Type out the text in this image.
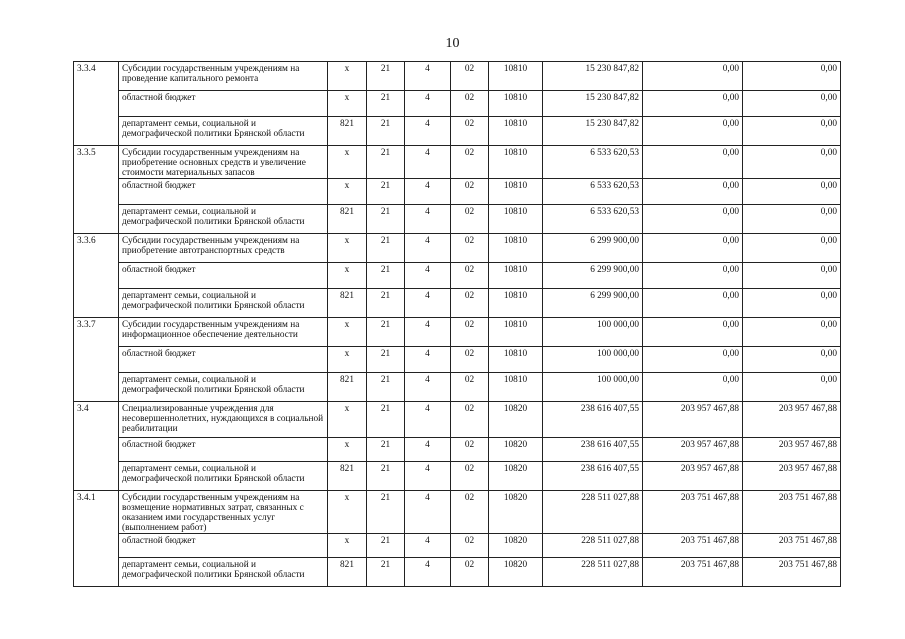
10
3.3.4	Субсидии государственным учреждениям на проведение капитального ремонта	х	21	4	02	10810	15 230 847,82	0,00	0,00
	областной бюджет	х	21	4	02	10810	15 230 847,82	0,00	0,00
	департамент семьи, социальной и демографической политики Брянской области	821	21	4	02	10810	15 230 847,82	0,00	0,00
3.3.5	Субсидии государственным учреждениям на приобретение основных средств и увеличение стоимости материальных запасов	х	21	4	02	10810	6 533 620,53	0,00	0,00
	областной бюджет	х	21	4	02	10810	6 533 620,53	0,00	0,00
	департамент семьи, социальной и демографической политики Брянской области	821	21	4	02	10810	6 533 620,53	0,00	0,00
3.3.6	Субсидии государственным учреждениям на приобретение автотранспортных средств	х	21	4	02	10810	6 299 900,00	0,00	0,00
	областной бюджет	х	21	4	02	10810	6 299 900,00	0,00	0,00
	департамент семьи, социальной и демографической политики Брянской области	821	21	4	02	10810	6 299 900,00	0,00	0,00
3.3.7	Субсидии государственным учреждениям на информационное обеспечение деятельности	х	21	4	02	10810	100 000,00	0,00	0,00
	областной бюджет	х	21	4	02	10810	100 000,00	0,00	0,00
	департамент семьи, социальной и демографической политики Брянской области	821	21	4	02	10810	100 000,00	0,00	0,00
3.4	Специализированные учреждения для несовершеннолетних, нуждающихся в социальной реабилитации	х	21	4	02	10820	238 616 407,55	203 957 467,88	203 957 467,88
	областной бюджет	х	21	4	02	10820	238 616 407,55	203 957 467,88	203 957 467,88
	департамент семьи, социальной и демографической политики Брянской области	821	21	4	02	10820	238 616 407,55	203 957 467,88	203 957 467,88
3.4.1	Субсидии государственным учреждениям на возмещение нормативных затрат, связанных с оказанием ими государственных услуг (выполнением работ)	х	21	4	02	10820	228 511 027,88	203 751 467,88	203 751 467,88
	областной бюджет	х	21	4	02	10820	228 511 027,88	203 751 467,88	203 751 467,88
	департамент семьи, социальной и демографической политики Брянской области	821	21	4	02	10820	228 511 027,88	203 751 467,88	203 751 467,88
